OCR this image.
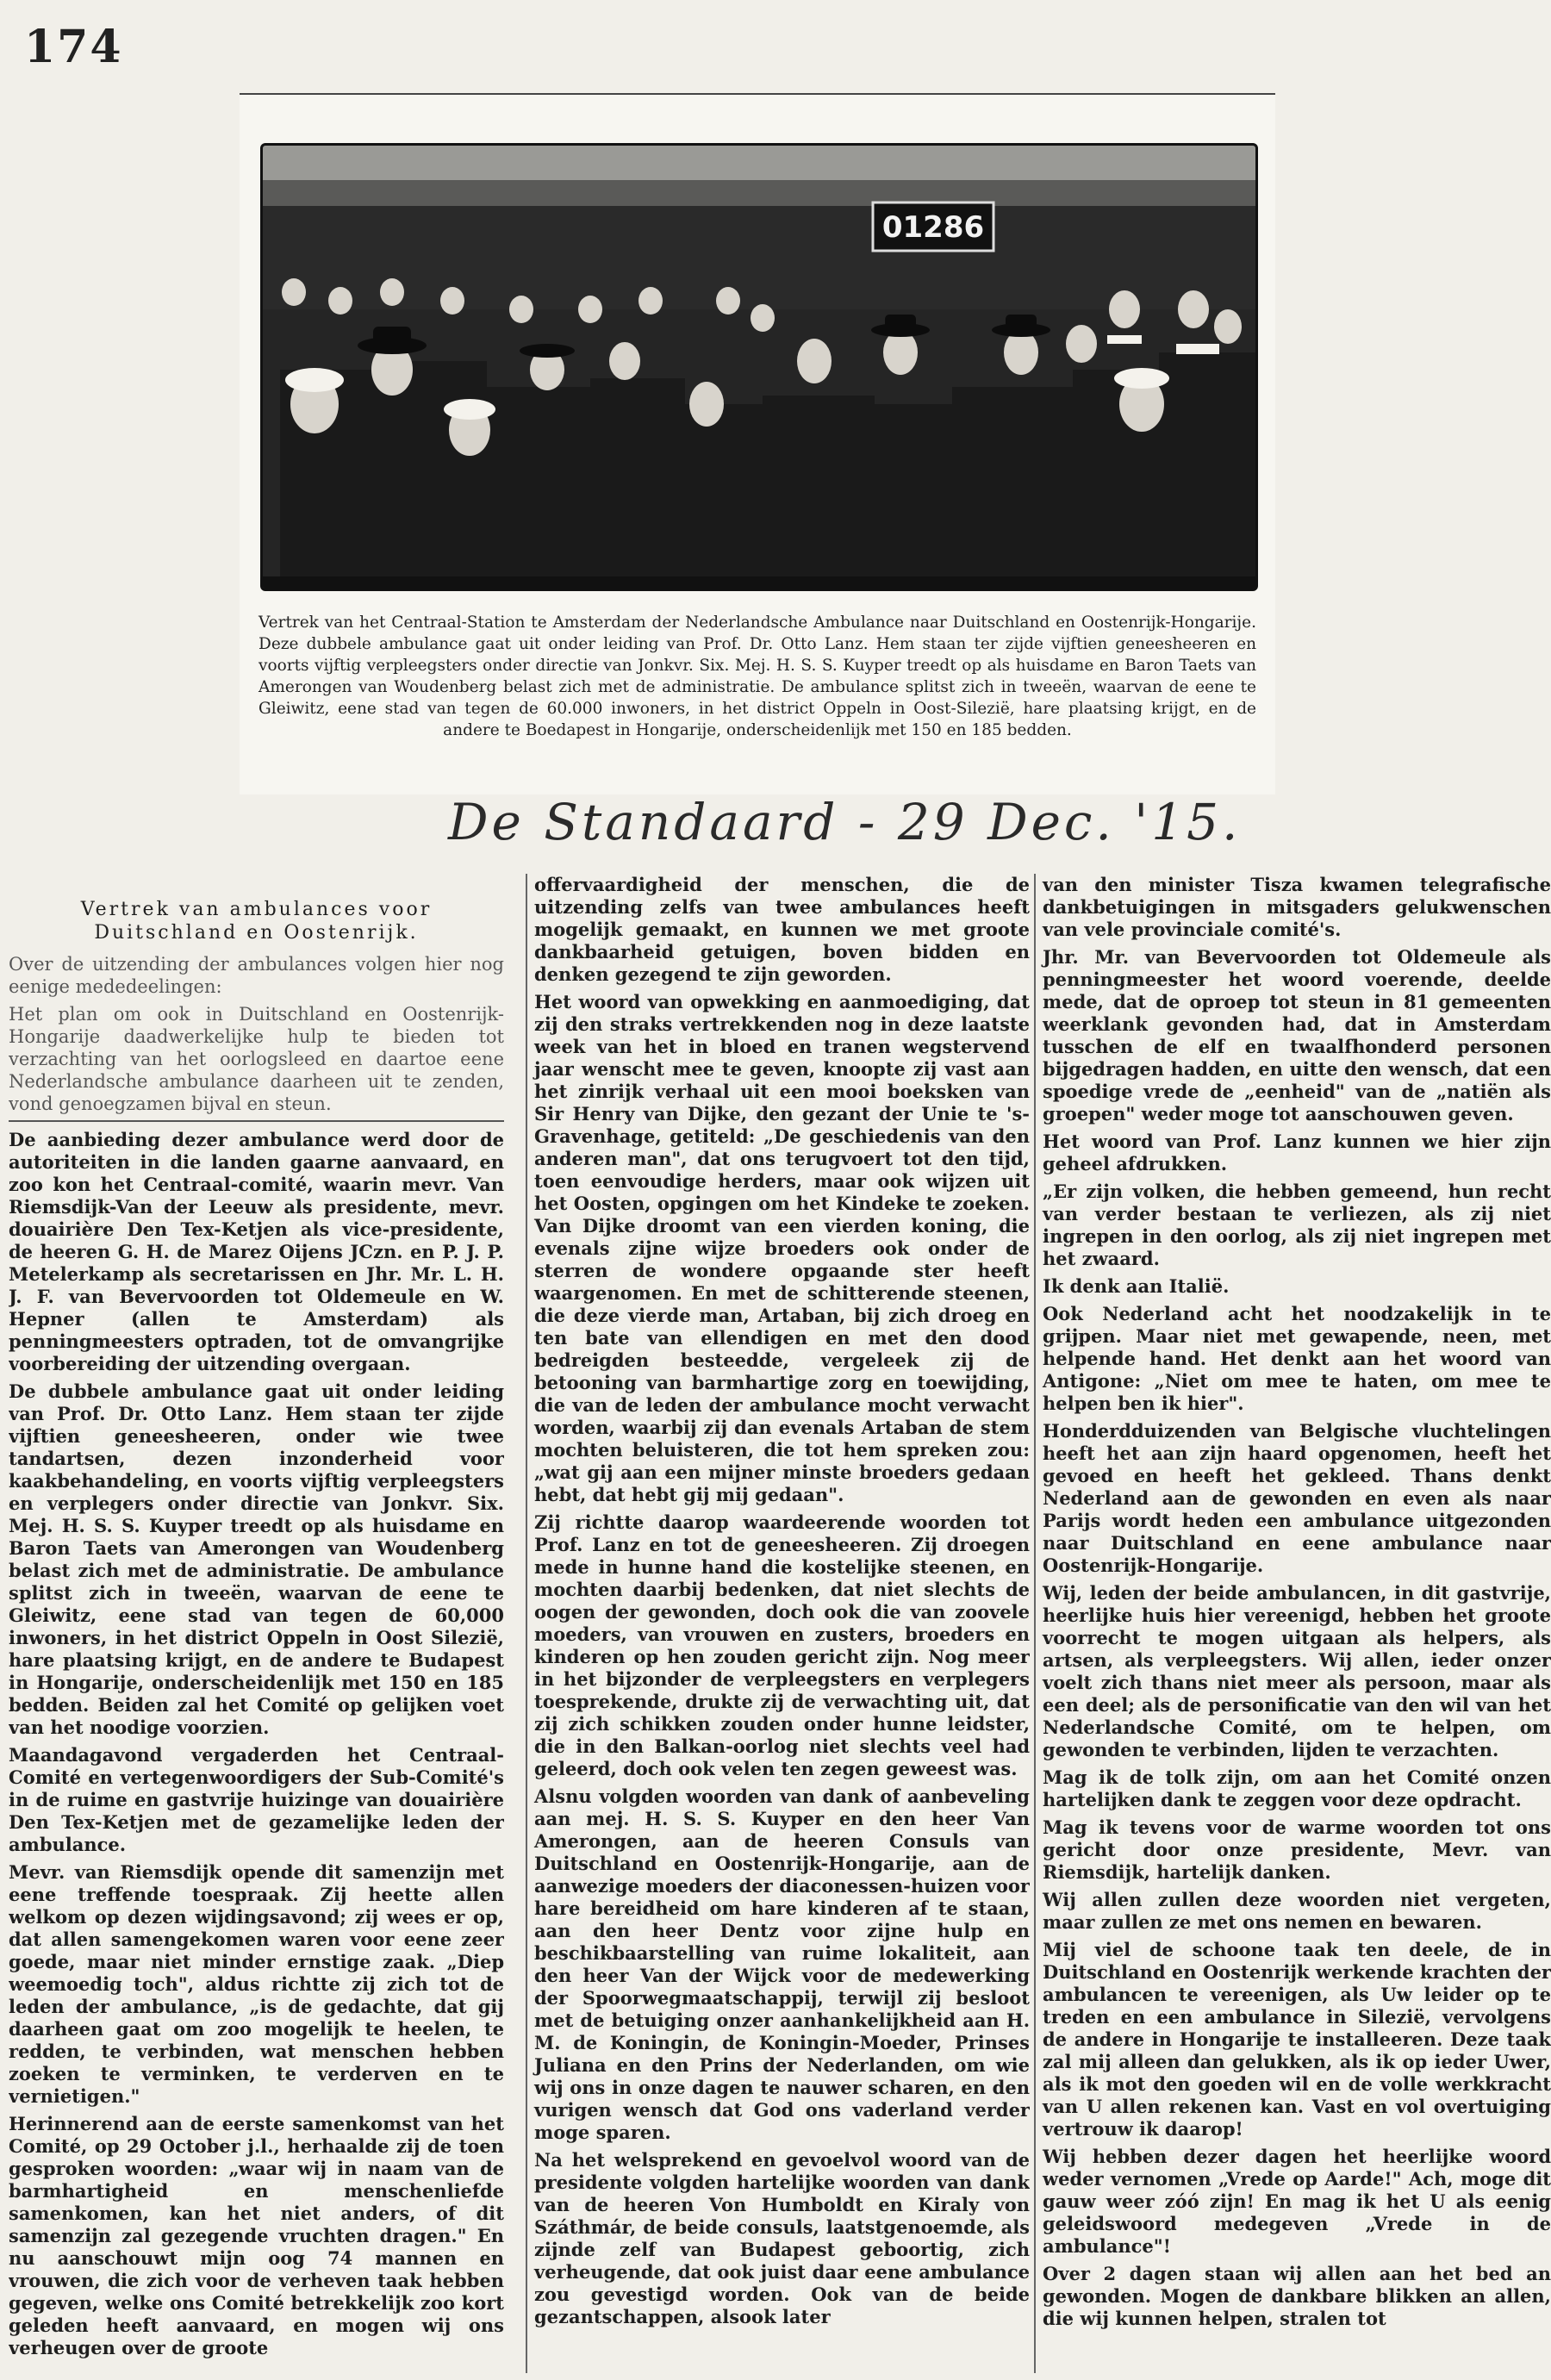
174
01286
Vertrek van het Centraal-Station te Amsterdam der Nederlandsche Ambulance naar Duitschland en Oostenrijk-Hongarije. Deze dubbele ambulance gaat uit onder leiding van Prof. Dr. Otto Lanz. Hem staan ter zijde vijftien geneesheeren en voorts vijftig verpleegsters onder directie van Jonkvr. Six. Mej. H. S. S. Kuyper treedt op als huisdame en Baron Taets van Amerongen van Woudenberg belast zich met de administratie. De ambulance splitst zich in tweeën, waarvan de eene te Gleiwitz, eene stad van tegen de 60.000 inwoners, in het district Oppeln in Oost-Silezië, hare plaatsing krijgt, en de andere te Boedapest in Hongarije, onderscheidenlijk met 150 en 185 bedden.
De Standaard - 29 Dec. '15.
Vertrek van ambulances voor Duitschland en Oostenrijk.

Over de uitzending der ambulances volgen hier nog eenige mededeelingen:

Het plan om ook in Duitschland en Oostenrijk-Hongarije daadwerkelijke hulp te bieden tot verzachting van het oorlogsleed en daartoe eene Nederlandsche ambulance daarheen uit te zenden, vond genoegzamen bijval en steun.

De aanbieding dezer ambulance werd door de autoriteiten in die landen gaarne aanvaard, en zoo kon het Centraal-comité, waarin mevr. Van Riemsdijk-Van der Leeuw als presidente, mevr. douairière Den Tex-Ketjen als vice-presidente, de heeren G. H. de Marez Oijens JCzn. en P. J. P. Metelerkamp als secretarissen en Jhr. Mr. L. H. J. F. van Bevervoorden tot Oldemeule en W. Hepner (allen te Amsterdam) als penningmeesters optraden, tot de omvangrijke voorbereiding der uitzending overgaan.

De dubbele ambulance gaat uit onder leiding van Prof. Dr. Otto Lanz. Hem staan ter zijde vijftien geneesheeren, onder wie twee tandartsen, dezen inzonderheid voor kaakbehandeling, en voorts vijftig verpleegsters en verplegers onder directie van Jonkvr. Six. Mej. H. S. S. Kuyper treedt op als huisdame en Baron Taets van Amerongen van Woudenberg belast zich met de administratie. De ambulance splitst zich in tweeën, waarvan de eene te Gleiwitz, eene stad van tegen de 60,000 inwoners, in het district Oppeln in Oost Silezië, hare plaatsing krijgt, en de andere te Budapest in Hongarije, onderscheidenlijk met 150 en 185 bedden. Beiden zal het Comité op gelijken voet van het noodige voorzien.

Maandagavond vergaderden het Centraal-Comité en vertegenwoordigers der Sub-Comité's in de ruime en gastvrije huizinge van douairière Den Tex-Ketjen met de gezamelijke leden der ambulance.

Mevr. van Riemsdijk opende dit samenzijn met eene treffende toespraak. Zij heette allen welkom op dezen wijdingsavond; zij wees er op, dat allen samengekomen waren voor eene zeer goede, maar niet minder ernstige zaak. „Diep weemoedig toch", aldus richtte zij zich tot de leden der ambulance, „is de gedachte, dat gij daarheen gaat om zoo mogelijk te heelen, te redden, te verbinden, wat menschen hebben zoeken te verminken, te verderven en te vernietigen."

Herinnerend aan de eerste samenkomst van het Comité, op 29 October j.l., herhaalde zij de toen gesproken woorden: „waar wij in naam van de barmhartigheid en menschenliefde samenkomen, kan het niet anders, of dit samenzijn zal gezegende vruchten dragen." En nu aanschouwt mijn oog 74 mannen en vrouwen, die zich voor de verheven taak hebben gegeven, welke ons Comité betrekkelijk zoo kort geleden heeft aanvaard, en mogen wij ons verheugen over de groote

offervaardigheid der menschen, die de uitzending zelfs van twee ambulances heeft mogelijk gemaakt, en kunnen we met groote dankbaarheid getuigen, boven bidden en denken gezegend te zijn geworden.

Het woord van opwekking en aanmoediging, dat zij den straks vertrekkenden nog in deze laatste week van het in bloed en tranen wegstervend jaar wenscht mee te geven, knoopte zij vast aan het zinrijk verhaal uit een mooi boeksken van Sir Henry van Dijke, den gezant der Unie te 's-Gravenhage, getiteld: „De geschiedenis van den anderen man", dat ons terugvoert tot den tijd, toen eenvoudige herders, maar ook wijzen uit het Oosten, opgingen om het Kindeke te zoeken. Van Dijke droomt van een vierden koning, die evenals zijne wijze broeders ook onder de sterren de wondere opgaande ster heeft waargenomen. En met de schitterende steenen, die deze vierde man, Artaban, bij zich droeg en ten bate van ellendigen en met den dood bedreigden besteedde, vergeleek zij de betooning van barmhartige zorg en toewijding, die van de leden der ambulance mocht verwacht worden, waarbij zij dan evenals Artaban de stem mochten beluisteren, die tot hem spreken zou: „wat gij aan een mijner minste broeders gedaan hebt, dat hebt gij mij gedaan".

Zij richtte daarop waardeerende woorden tot Prof. Lanz en tot de geneesheeren. Zij droegen mede in hunne hand die kostelijke steenen, en mochten daarbij bedenken, dat niet slechts de oogen der gewonden, doch ook die van zoovele moeders, van vrouwen en zusters, broeders en kinderen op hen zouden gericht zijn. Nog meer in het bijzonder de verpleegsters en verplegers toesprekende, drukte zij de verwachting uit, dat zij zich schikken zouden onder hunne leidster, die in den Balkan-oorlog niet slechts veel had geleerd, doch ook velen ten zegen geweest was.

Alsnu volgden woorden van dank of aanbeveling aan mej. H. S. S. Kuyper en den heer Van Amerongen, aan de heeren Consuls van Duitschland en Oostenrijk-Hongarije, aan de aanwezige moeders der diaconessen-huizen voor hare bereidheid om hare kinderen af te staan, aan den heer Dentz voor zijne hulp en beschikbaarstelling van ruime lokaliteit, aan den heer Van der Wijck voor de medewerking der Spoorwegmaatschappij, terwijl zij besloot met de betuiging onzer aanhankelijkheid aan H. M. de Koningin, de Koningin-Moeder, Prinses Juliana en den Prins der Nederlanden, om wie wij ons in onze dagen te nauwer scharen, en den vurigen wensch dat God ons vaderland verder moge sparen.

Na het welsprekend en gevoelvol woord van de presidente volgden hartelijke woorden van dank van de heeren Von Humboldt en Kiraly von Száthmár, de beide consuls, laatstgenoemde, als zijnde zelf van Budapest geboortig, zich verheugende, dat ook juist daar eene ambulance zou gevestigd worden. Ook van de beide gezantschappen, alsook later

van den minister Tisza kwamen telegrafische dankbetuigingen in mitsgaders gelukwenschen van vele provinciale comité's.

Jhr. Mr. van Bevervoorden tot Oldemeule als penningmeester het woord voerende, deelde mede, dat de oproep tot steun in 81 gemeenten weerklank gevonden had, dat in Amsterdam tusschen de elf en twaalfhonderd personen bijgedragen hadden, en uitte den wensch, dat een spoedige vrede de „eenheid" van de „natiën als groepen" weder moge tot aanschouwen geven.

Het woord van Prof. Lanz kunnen we hier zijn geheel afdrukken.

„Er zijn volken, die hebben gemeend, hun recht van verder bestaan te verliezen, als zij niet ingrepen in den oorlog, als zij niet ingrepen met het zwaard.

Ik denk aan Italië.

Ook Nederland acht het noodzakelijk in te grijpen. Maar niet met gewapende, neen, met helpende hand. Het denkt aan het woord van Antigone: „Niet om mee te haten, om mee te helpen ben ik hier".

Honderdduizenden van Belgische vluchtelingen heeft het aan zijn haard opgenomen, heeft het gevoed en heeft het gekleed. Thans denkt Nederland aan de gewonden en even als naar Parijs wordt heden een ambulance uitgezonden naar Duitschland en eene ambulance naar Oostenrijk-Hongarije.

Wij, leden der beide ambulancen, in dit gastvrije, heerlijke huis hier vereenigd, hebben het groote voorrecht te mogen uitgaan als helpers, als artsen, als verpleegsters. Wij allen, ieder onzer voelt zich thans niet meer als persoon, maar als een deel; als de personificatie van den wil van het Nederlandsche Comité, om te helpen, om gewonden te verbinden, lijden te verzachten.

Mag ik de tolk zijn, om aan het Comité onzen hartelijken dank te zeggen voor deze opdracht.

Mag ik tevens voor de warme woorden tot ons gericht door onze presidente, Mevr. van Riemsdijk, hartelijk danken.

Wij allen zullen deze woorden niet vergeten, maar zullen ze met ons nemen en bewaren.

Mij viel de schoone taak ten deele, de in Duitschland en Oostenrijk werkende krachten der ambulancen te vereenigen, als Uw leider op te treden en een ambulance in Silezië, vervolgens de andere in Hongarije te installeeren. Deze taak zal mij alleen dan gelukken, als ik op ieder Uwer, als ik mot den goeden wil en de volle werkkracht van U allen rekenen kan. Vast en vol overtuiging vertrouw ik daarop!

Wij hebben dezer dagen het heerlijke woord weder vernomen „Vrede op Aarde!" Ach, moge dit gauw weer zóó zijn! En mag ik het U als eenig geleidswoord medegeven „Vrede in de ambulance"!

Over 2 dagen staan wij allen aan het bed an gewonden. Mogen de dankbare blikken an allen, die wij kunnen helpen, stralen tot
